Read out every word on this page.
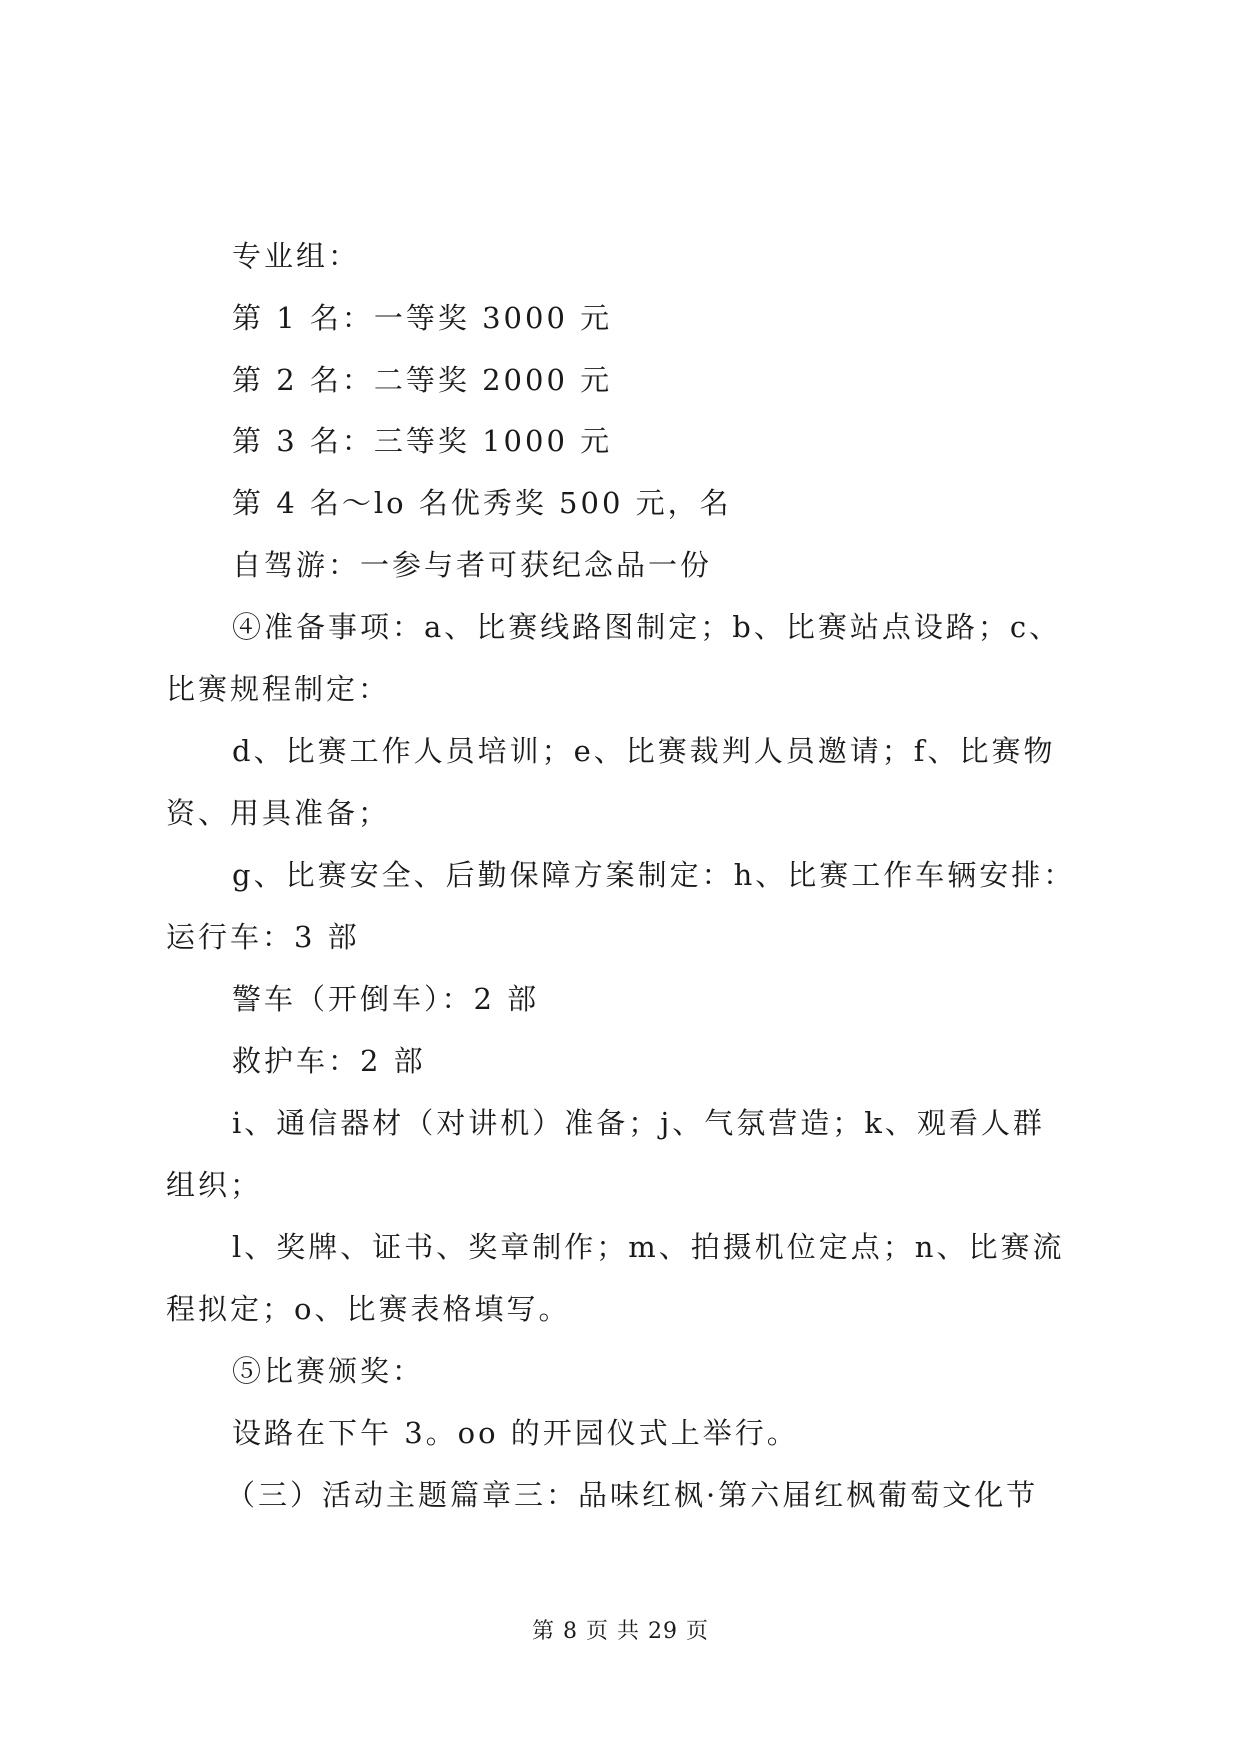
专业组：
第 1 名：一等奖 3000 元
第 2 名：二等奖 2000 元
第 3 名：三等奖 1000 元
第 4 名～lo 名优秀奖 500 元，名
自驾游：一参与者可获纪念品一份
④准备事项：a、比赛线路图制定；b、比赛站点设路；c、
比赛规程制定：
d、比赛工作人员培训；e、比赛裁判人员邀请；f、比赛物
资、用具准备；
g、比赛安全、后勤保障方案制定：h、比赛工作车辆安排：
运行车：3 部
警车（开倒车）：2 部
救护车：2 部
i、通信器材（对讲机）准备；j、气氛营造；k、观看人群
组织；
l、奖牌、证书、奖章制作；m、拍摄机位定点；n、比赛流
程拟定；o、比赛表格填写。
⑤比赛颁奖：
设路在下午 3。oo 的开园仪式上举行。
（三）活动主题篇章三：品味红枫·第六届红枫葡萄文化节
第 8 页 共 29 页
